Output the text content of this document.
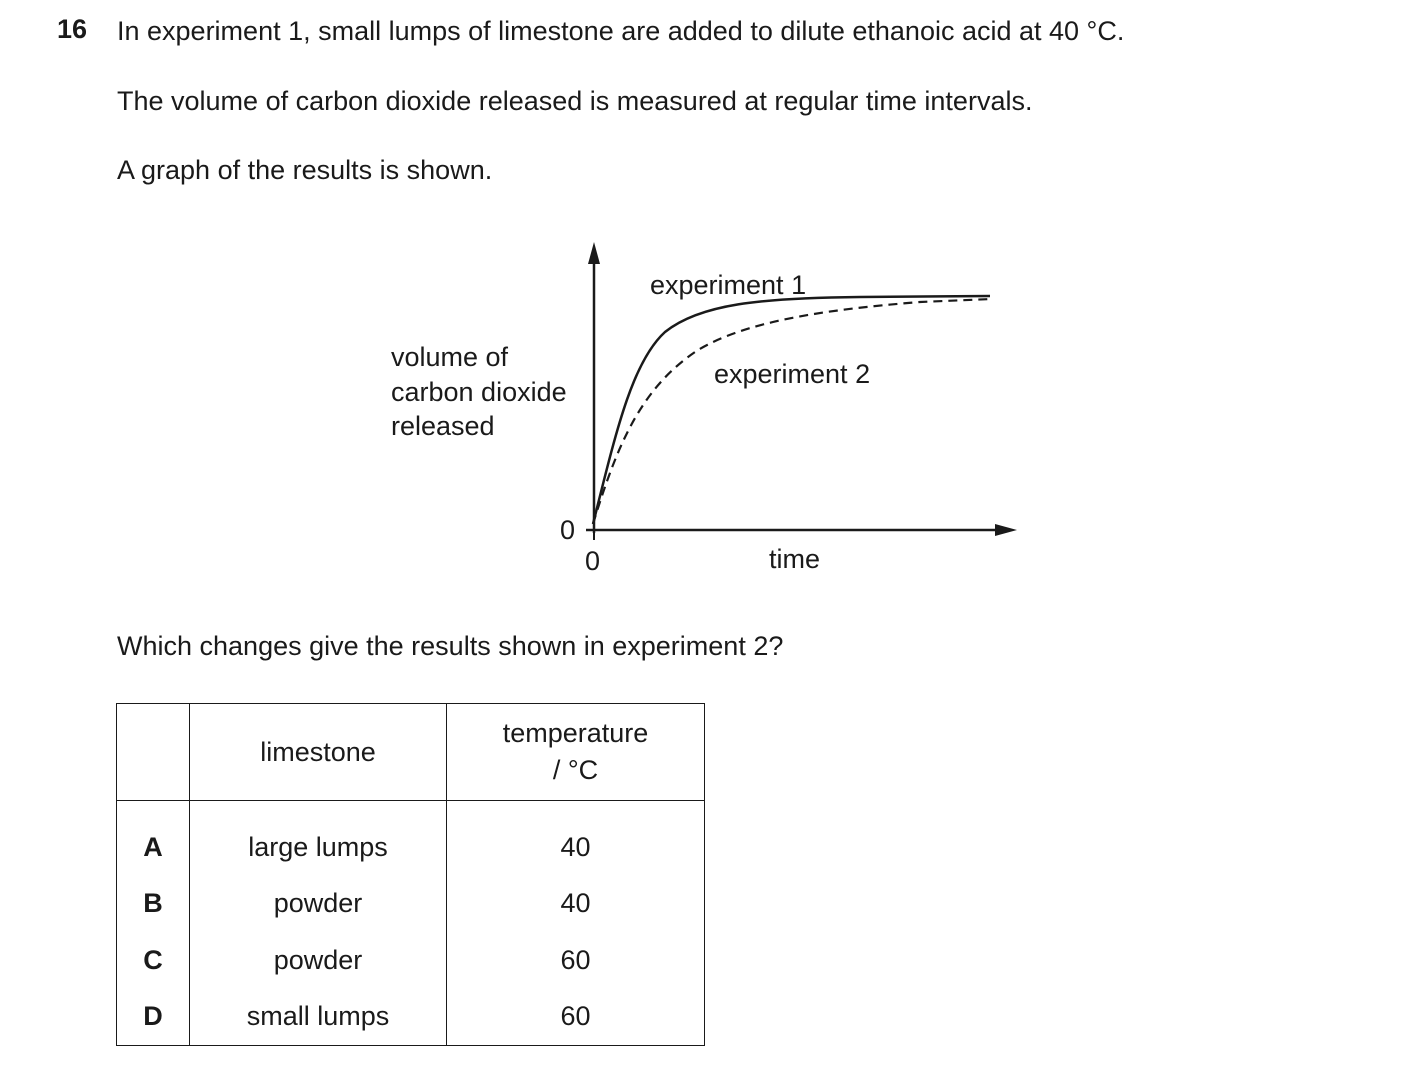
16 In experiment 1, small lumps of limestone are added to dilute ethanoic acid at 40 °C.
The volume of carbon dioxide released is measured at regular time intervals.
A graph of the results is shown.
volume of
carbon dioxide
released
experiment 1
experiment 2
0
0	time
Which changes give the results shown in experiment 2?
	limestone	temperature
/ °C

A	large lumps	40
B	powder	40
C	powder	60
D	small lumps	60
